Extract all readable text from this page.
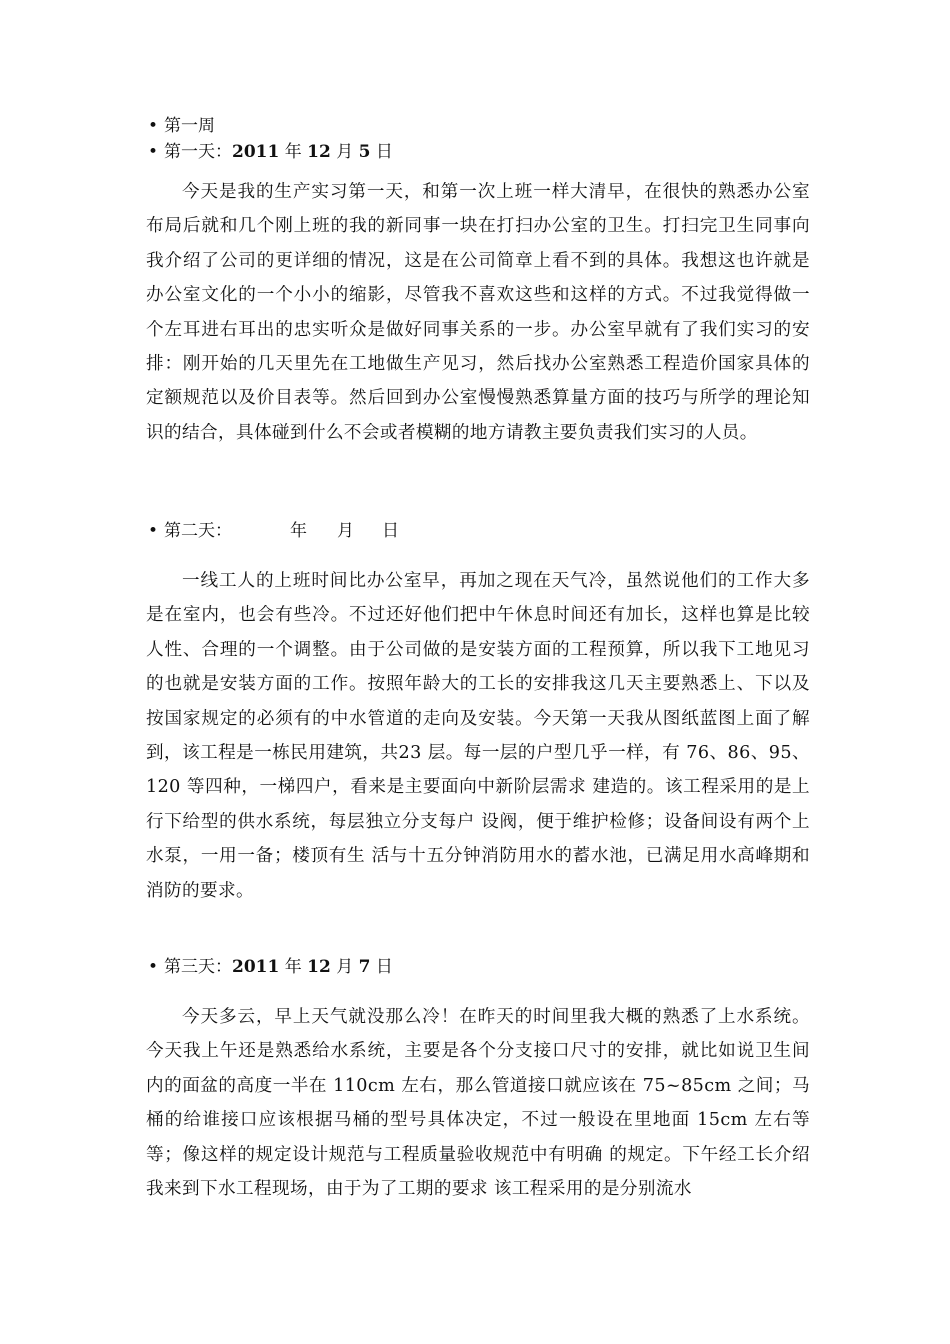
• 第一周
• 第一天：2011 年 12 月 5 日

今天是我的生产实习第一天，和第一次上班一样大清早，在很快的熟悉办公室布局后就和几个刚上班的我的新同事一块在打扫办公室的卫生。打扫完卫生同事向我介绍了公司的更详细的情况，这是在公司简章上看不到的具体。我想这也许就是办公室文化的一个小小的缩影，尽管我不喜欢这些和这样的方式。不过我觉得做一个左耳进右耳出的忠实听众是做好同事关系的一步。办公室早就有了我们实习的安排：刚开始的几天里先在工地做生产见习，然后找办公室熟悉工程造价国家具体的定额规范以及价目表等。然后回到办公室慢慢熟悉算量方面的技巧与所学的理论知识的结合，具体碰到什么不会或者模糊的地方请教主要负责我们实习的人员。

• 第二天：	年 月 日

一线工人的上班时间比办公室早，再加之现在天气冷，虽然说他们的工作大多是在室内，也会有些冷。不过还好他们把中午休息时间还有加长，这样也算是比较人性、合理的一个调整。由于公司做的是安装方面的工程预算，所以我下工地见习的也就是安装方面的工作。按照年龄大的工长的安排我这几天主要熟悉上、下以及按国家规定的必须有的中水管道的走向及安装。今天第一天我从图纸蓝图上面了解到，该工程是一栋民用建筑，共23 层。每一层的户型几乎一样，有 76、86、95、120 等四种，一梯四户，看来是主要面向中新阶层需求 建造的。该工程采用的是上行下给型的供水系统，每层独立分支每户 设阀，便于维护检修；设备间设有两个上水泵，一用一备；楼顶有生 活与十五分钟消防用水的蓄水池，已满足用水高峰期和消防的要求。

• 第三天：2011 年 12 月 7 日

今天多云，早上天气就没那么冷！在昨天的时间里我大概的熟悉了上水系统。今天我上午还是熟悉给水系统，主要是各个分支接口尺寸的安排，就比如说卫生间内的面盆的高度一半在 110cm 左右，那么管道接口就应该在 75~85cm 之间；马桶的给谁接口应该根据马桶的型号具体决定，不过一般设在里地面 15cm 左右等等；像这样的规定设计规范与工程质量验收规范中有明确 的规定。下午经工长介绍我来到下水工程现场，由于为了工期的要求 该工程采用的是分别流水
